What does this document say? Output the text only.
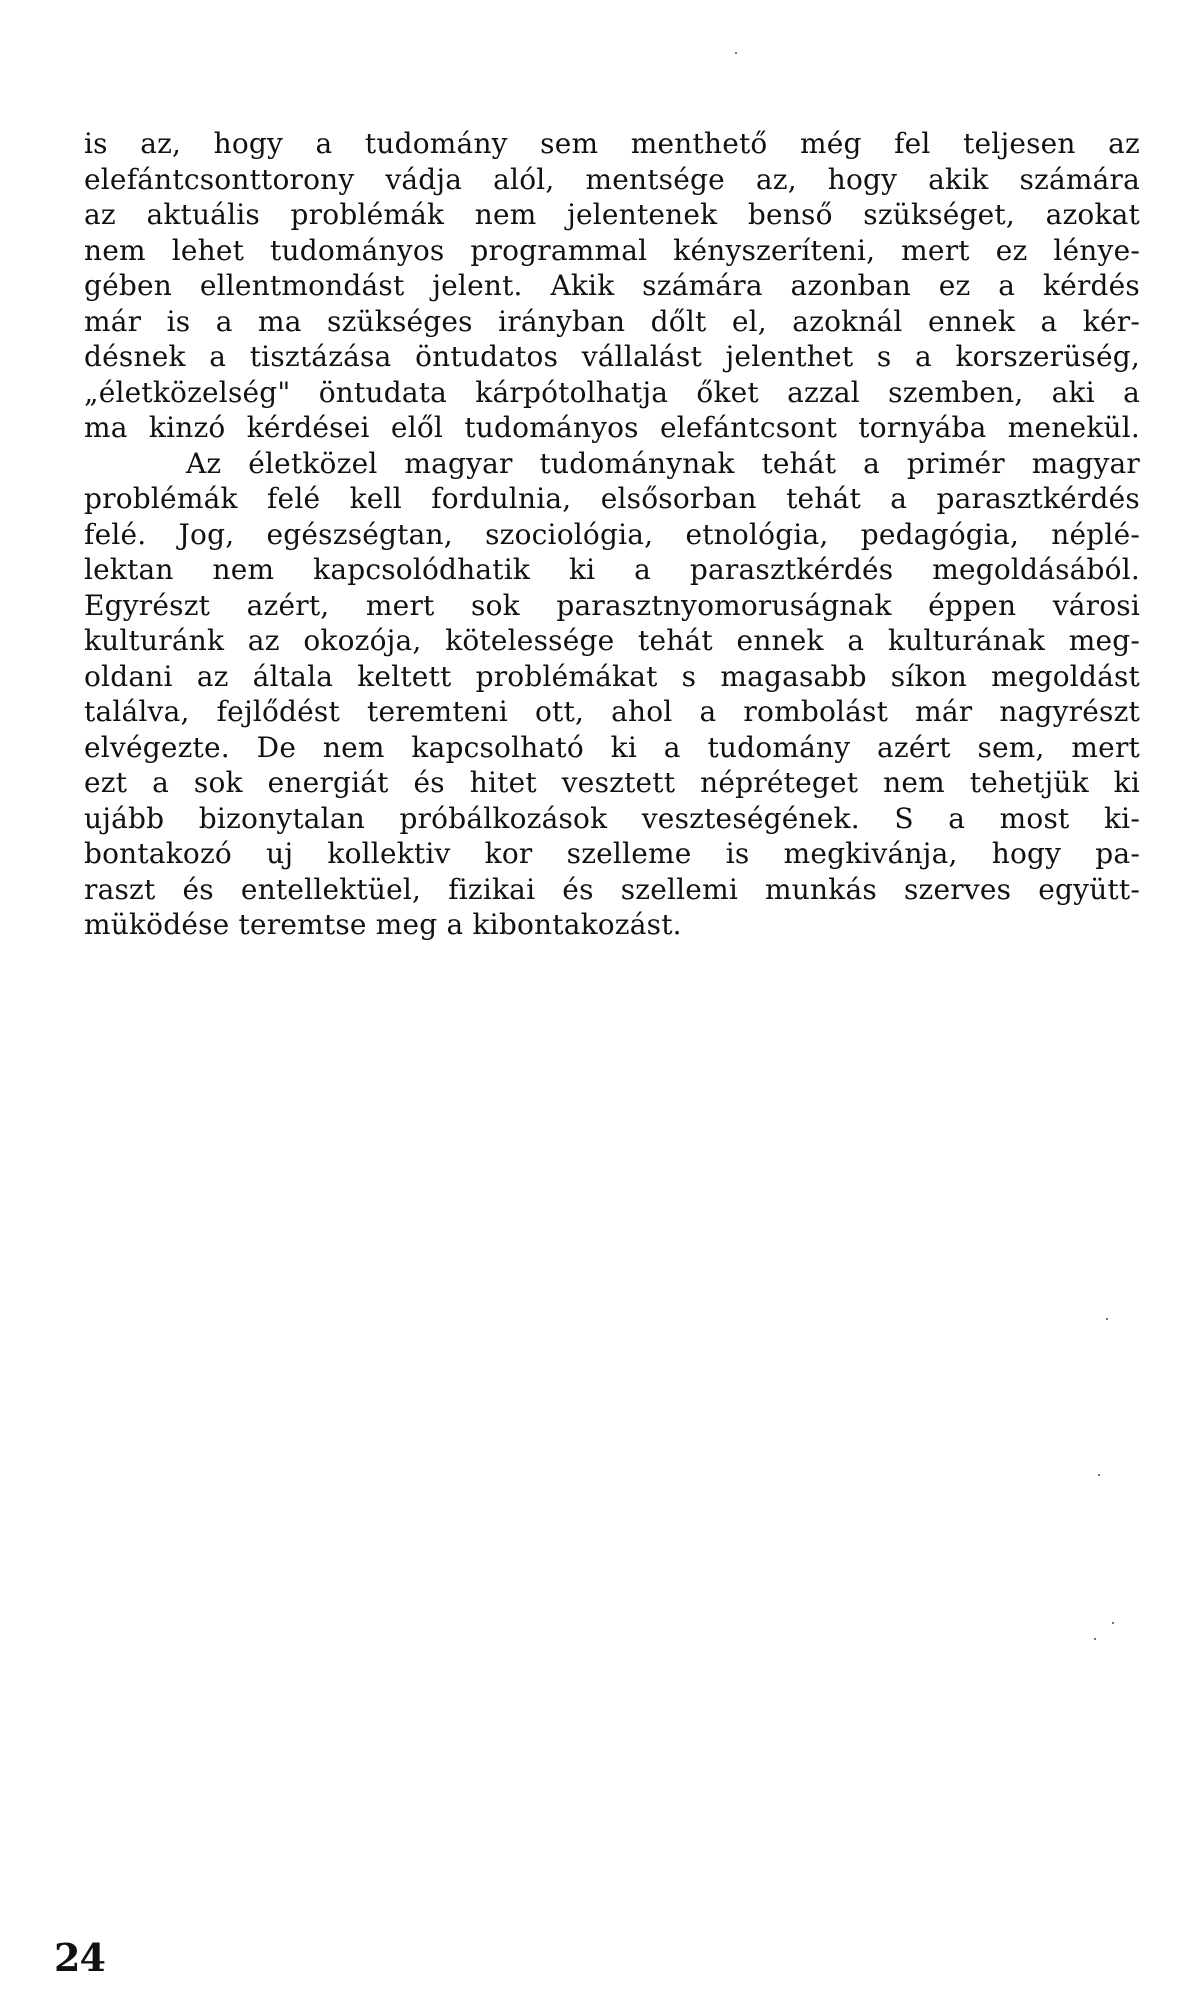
is az, hogy a tudomány sem menthető még fel teljesen az
elefántcsonttorony vádja alól, mentsége az, hogy akik számára
az aktuális problémák nem jelentenek benső szükséget, azokat
nem lehet tudományos programmal kényszeríteni, mert ez lénye-
gében ellentmondást jelent. Akik számára azonban ez a kérdés
már is a ma szükséges irányban dőlt el, azoknál ennek a kér-
désnek a tisztázása öntudatos vállalást jelenthet s a korszerüség,
„életközelség" öntudata kárpótolhatja őket azzal szemben, aki a
ma kinzó kérdései elől tudományos elefántcsont tornyába menekül.
Az életközel magyar tudománynak tehát a primér magyar
problémák felé kell fordulnia, elsősorban tehát a parasztkérdés
felé. Jog, egészségtan, szociológia, etnológia, pedagógia, néplé-
lektan nem kapcsolódhatik ki a parasztkérdés megoldásából.
Egyrészt azért, mert sok parasztnyomoruságnak éppen városi
kulturánk az okozója, kötelessége tehát ennek a kulturának meg-
oldani az általa keltett problémákat s magasabb síkon megoldást
találva, fejlődést teremteni ott, ahol a rombolást már nagyrészt
elvégezte. De nem kapcsolható ki a tudomány azért sem, mert
ezt a sok energiát és hitet vesztett népréteget nem tehetjük ki
ujább bizonytalan próbálkozások veszteségének. S a most ki-
bontakozó uj kollektiv kor szelleme is megkivánja, hogy pa-
raszt és entellektüel, fizikai és szellemi munkás szerves együtt-
müködése teremtse meg a kibontakozást.
24
